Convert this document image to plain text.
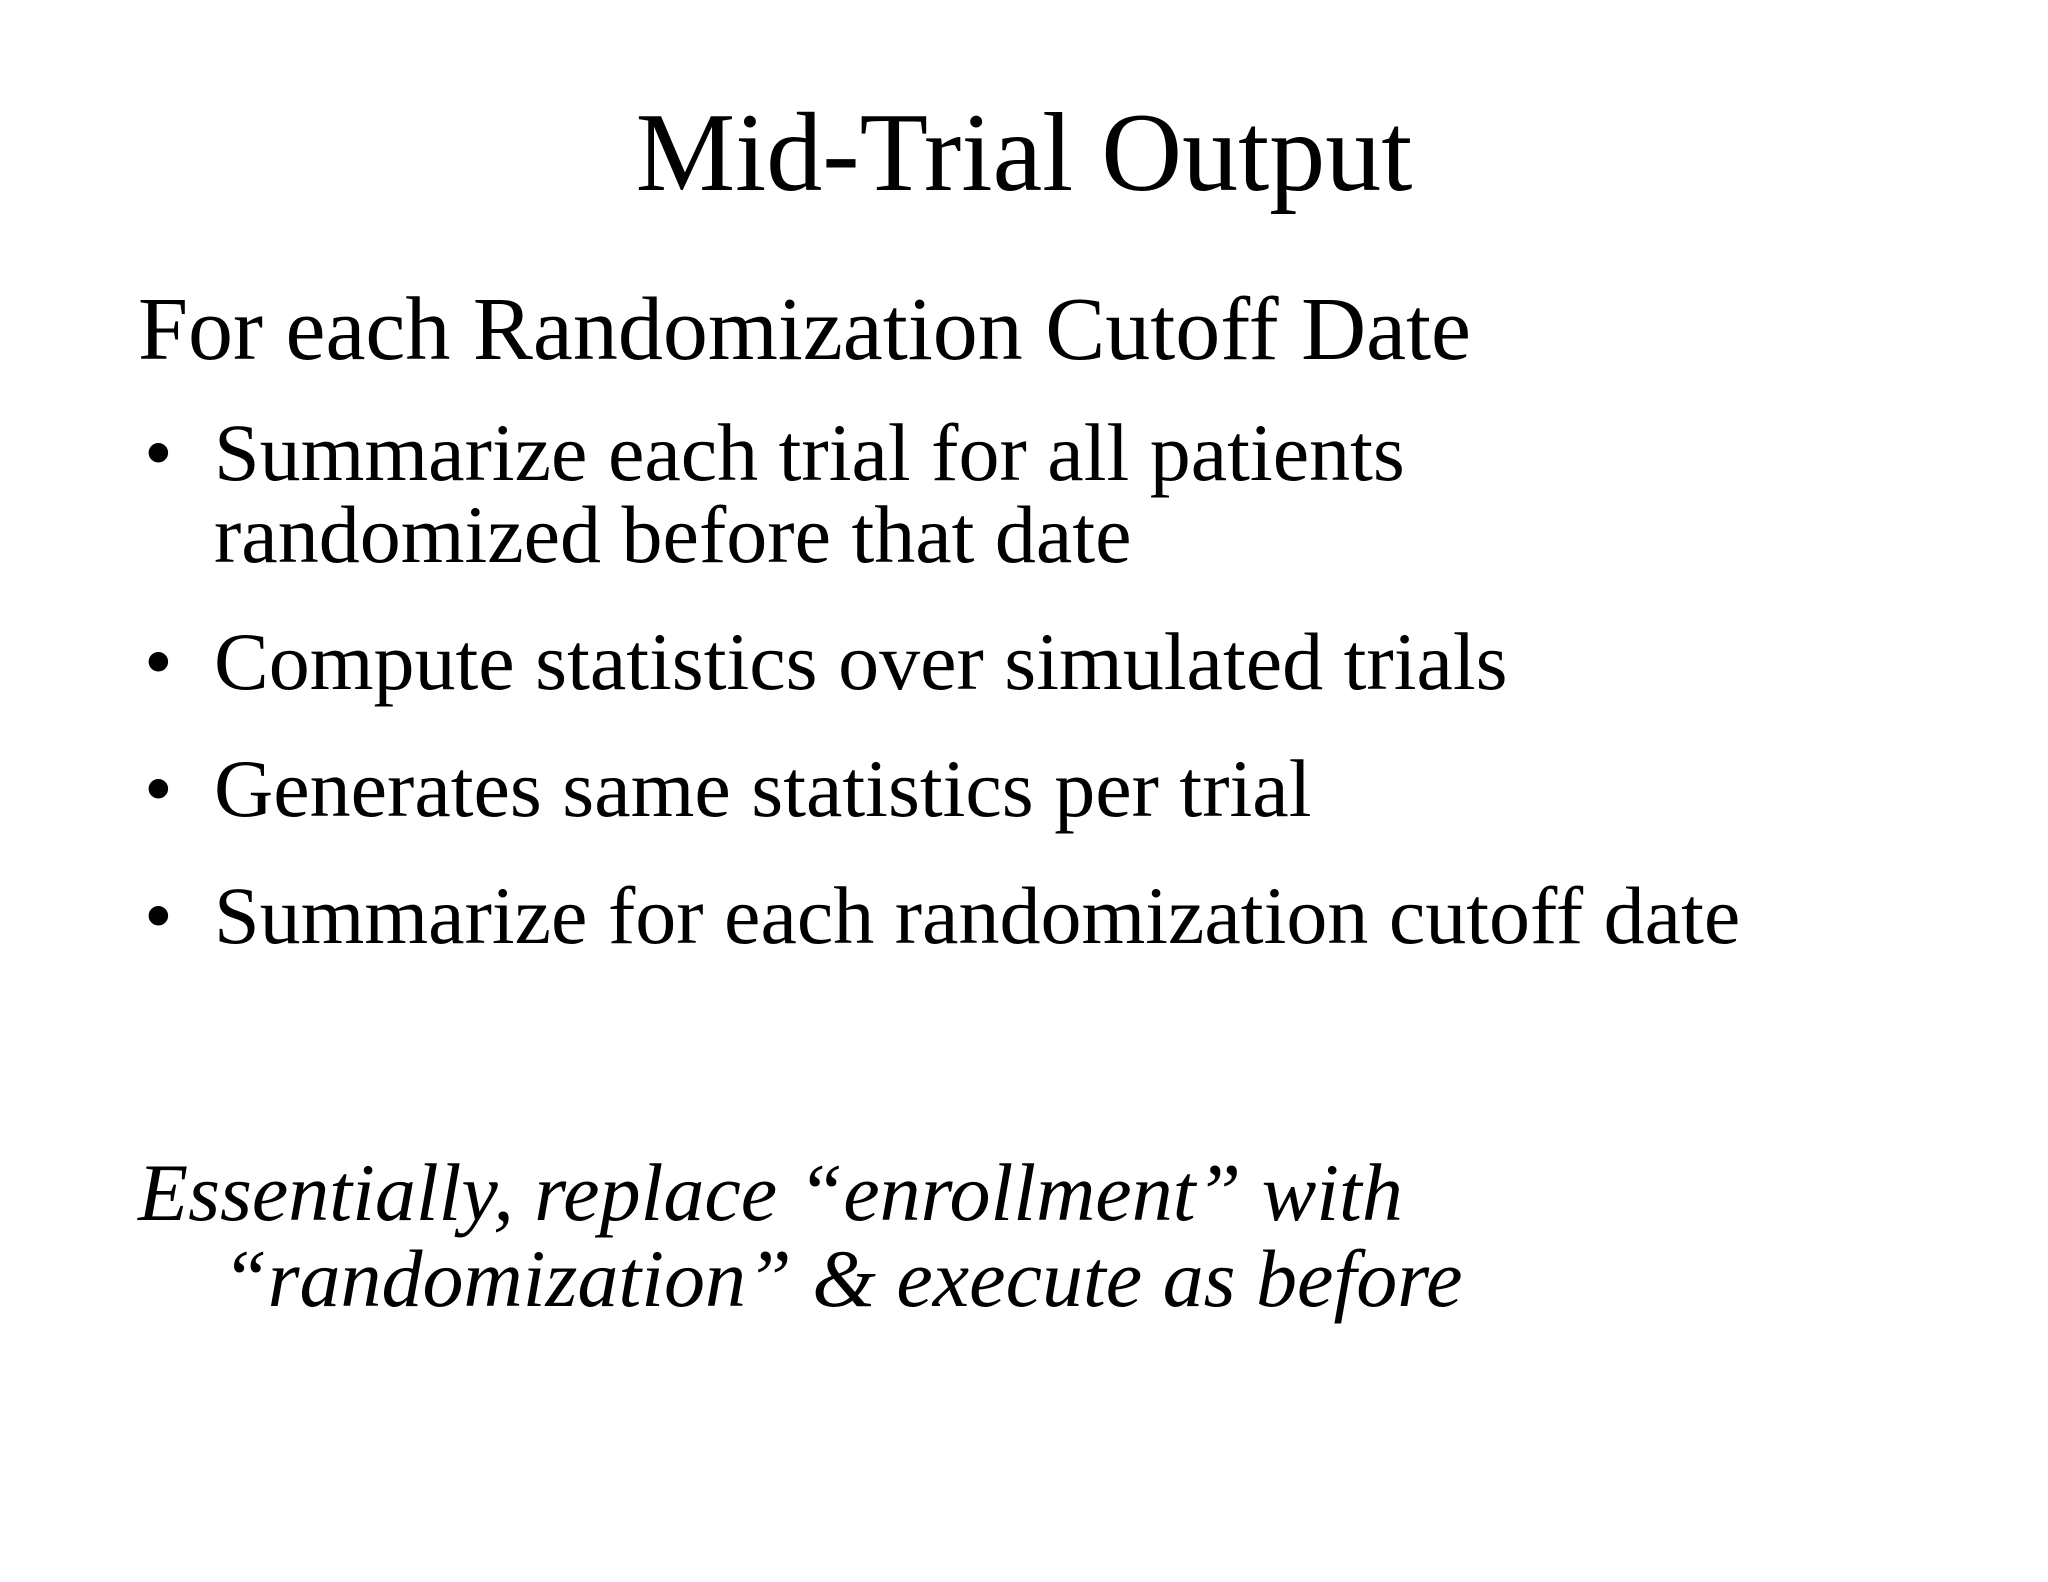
Mid-Trial Output
For each Randomization Cutoff Date
• Summarize each trial for all patients
randomized before that date
• Compute statistics over simulated trials
• Generates same statistics per trial
• Summarize for each randomization cutoff date
Essentially, replace “enrollment” with
“randomization” & execute as before
